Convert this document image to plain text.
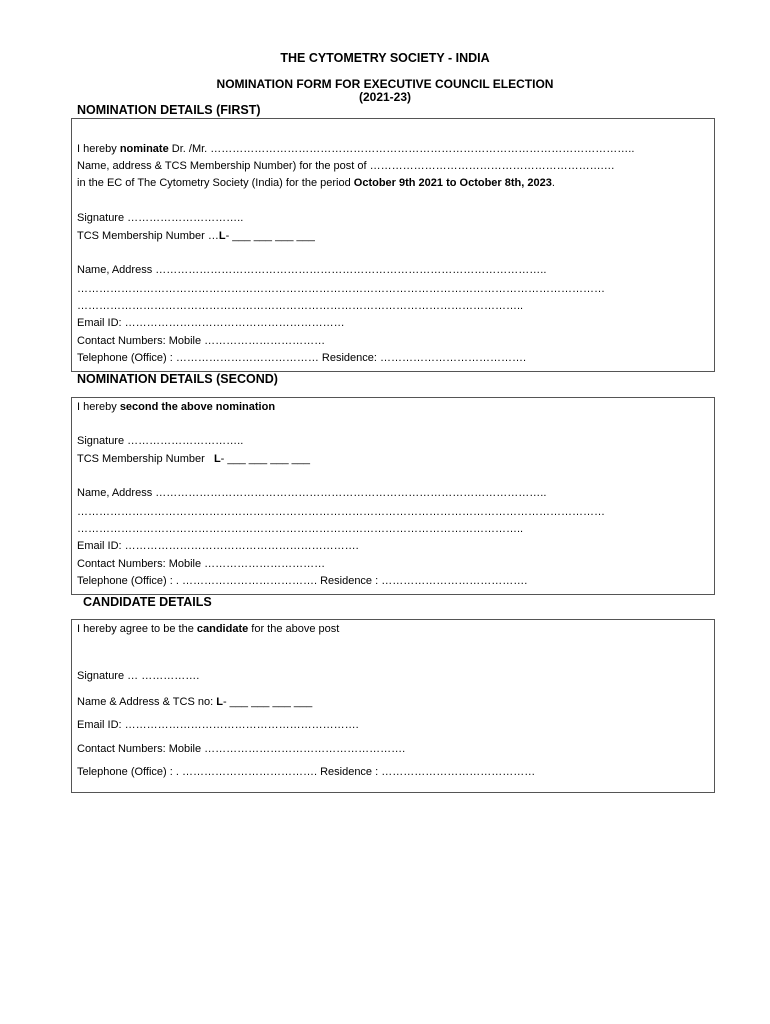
THE CYTOMETRY SOCIETY - INDIA
NOMINATION FORM FOR EXECUTIVE COUNCIL ELECTION
(2021-23)
NOMINATION DETAILS (FIRST)
I hereby nominate Dr. /Mr. ……………………………………………………………………………………………………..
Name, address & TCS Membership Number) for the post of ……………………………………………………….…
in the EC of The Cytometry Society (India) for the period October 9th 2021 to October 8th, 2023.
Signature …………………………..
TCS Membership Number …L- ___ ___ ___ ___
Name, Address ……………………………………………………………………………………………..
………………………………………………………………………………………………………………………………
…………………………………………………………………………………………………………..
Email ID: ……………………………………………………
Contact Numbers: Mobile ……………………………
Telephone (Office) : ………………………………… Residence: ………………………………….
NOMINATION DETAILS (SECOND)
I hereby second the above nomination
Signature …………………………..
TCS Membership Number   L- ___ ___ ___ ___
Name, Address ……………………………………………………………………………………………..
………………………………………………………………………………………………………………………………
…………………………………………………………………………………………………………..
Email ID: ……………………………………………………….
Contact Numbers: Mobile ……………………………
Telephone (Office) : . ………………………………. Residence : ………………………………….
CANDIDATE DETAILS
I hereby agree to be the candidate for the above post
Signature … …………….
Name & Address & TCS no: L- ___ ___ ___ ___
Email ID: ……………………………………………………….
Contact Numbers: Mobile ……………………………………………….
Telephone (Office) : . ………………………………. Residence : ……………………………………
